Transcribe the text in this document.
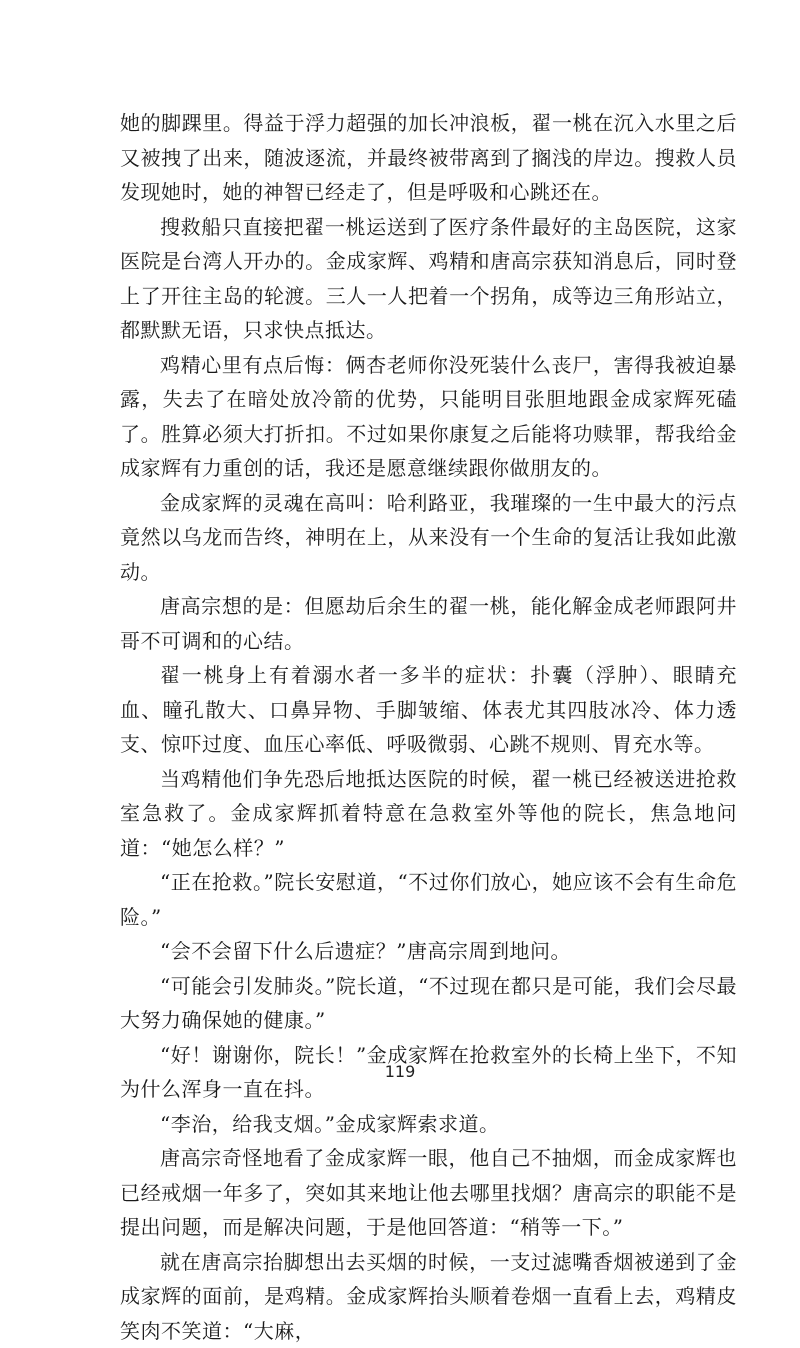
她的脚踝里。得益于浮力超强的加长冲浪板，翟一桃在沉入水里之后又被拽了出来，随波逐流，并最终被带离到了搁浅的岸边。搜救人员发现她时，她的神智已经走了，但是呼吸和心跳还在。

搜救船只直接把翟一桃运送到了医疗条件最好的主岛医院，这家医院是台湾人开办的。金成家辉、鸡精和唐高宗获知消息后，同时登上了开往主岛的轮渡。三人一人把着一个拐角，成等边三角形站立，都默默无语，只求快点抵达。

鸡精心里有点后悔：俩杏老师你没死装什么丧尸，害得我被迫暴露，失去了在暗处放冷箭的优势，只能明目张胆地跟金成家辉死磕了。胜算必须大打折扣。不过如果你康复之后能将功赎罪，帮我给金成家辉有力重创的话，我还是愿意继续跟你做朋友的。

金成家辉的灵魂在高叫：哈利路亚，我璀璨的一生中最大的污点竟然以乌龙而告终，神明在上，从来没有一个生命的复活让我如此激动。

唐高宗想的是：但愿劫后余生的翟一桃，能化解金成老师跟阿井哥不可调和的心结。

翟一桃身上有着溺水者一多半的症状：扑囊（浮肿）、眼睛充血、瞳孔散大、口鼻异物、手脚皱缩、体表尤其四肢冰冷、体力透支、惊吓过度、血压心率低、呼吸微弱、心跳不规则、胃充水等。

当鸡精他们争先恐后地抵达医院的时候，翟一桃已经被送进抢救室急救了。金成家辉抓着特意在急救室外等他的院长，焦急地问道：“她怎么样？”

“正在抢救。”院长安慰道，“不过你们放心，她应该不会有生命危险。”

“会不会留下什么后遗症？”唐高宗周到地问。

“可能会引发肺炎。”院长道，“不过现在都只是可能，我们会尽最大努力确保她的健康。”

“好！谢谢你，院长！”金成家辉在抢救室外的长椅上坐下，不知为什么浑身一直在抖。

“李治，给我支烟。”金成家辉索求道。

唐高宗奇怪地看了金成家辉一眼，他自己不抽烟，而金成家辉也已经戒烟一年多了，突如其来地让他去哪里找烟？唐高宗的职能不是提出问题，而是解决问题，于是他回答道：“稍等一下。”

就在唐高宗抬脚想出去买烟的时候，一支过滤嘴香烟被递到了金成家辉的面前，是鸡精。金成家辉抬头顺着卷烟一直看上去，鸡精皮笑肉不笑道：“大麻，

119
